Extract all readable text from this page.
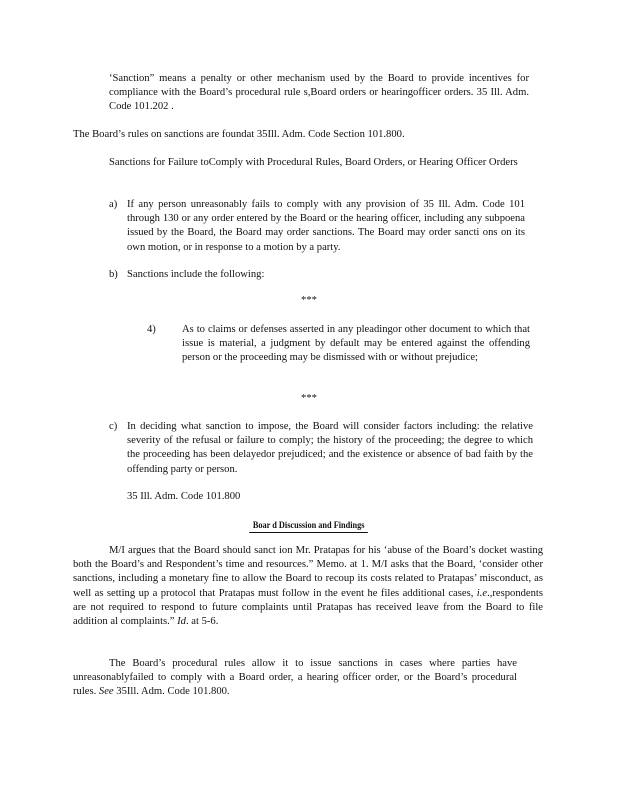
‘Sanction” means a penalty or other mechanism used by the Board to provide incentives for compliance with the Board’s procedural rule s,Board orders or hearingofficer orders. 35 Ill. Adm. Code 101.202 .

The Board’s rules on sanctions are foundat 35Ill. Adm. Code Section 101.800.

Sanctions for Failure toComply with Procedural Rules, Board Orders, or Hearing Officer Orders

a) If any person unreasonably fails to comply with any provision of 35 Ill. Adm. Code 101 through 130 or any order entered by the Board or the hearing officer, including any subpoena issued by the Board, the Board may order sanctions. The Board may order sancti ons on its own motion, or in response to a motion by a party.

b) Sanctions include the following:

***

4) As to claims or defenses asserted in any pleadingor other document to which that issue is material, a judgment by default may be entered against the offending person or the proceeding may be dismissed with or without prejudice;

***

c) In deciding what sanction to impose, the Board will consider factors including: the relative severity of the refusal or failure to comply; the history of the proceeding; the degree to which the proceeding has been delayedor prejudiced; and the existence or absence of bad faith by the offending party or person.

35 Ill. Adm. Code 101.800

Boar d Discussion and Findings

M/I argues that the Board should sanct ion Mr. Pratapas for his ‘abuse of the Board’s docket wasting both the Board’s and Respondent’s time and resources.” Memo. at 1. M/I asks that the Board, ‘consider other sanctions, including a monetary fine to allow the Board to recoup its costs related to Pratapas’ misconduct, as well as setting up a protocol that Pratapas must follow in the event he files additional cases, i.e.,respondents are not required to respond to future complaints until Pratapas has received leave from the Board to file addition al complaints.” Id. at 5-6.

The Board’s procedural rules allow it to issue sanctions in cases where parties have unreasonablyfailed to comply with a Board order, a hearing officer order, or the Board’s procedural rules. See 35Ill. Adm. Code 101.800.
